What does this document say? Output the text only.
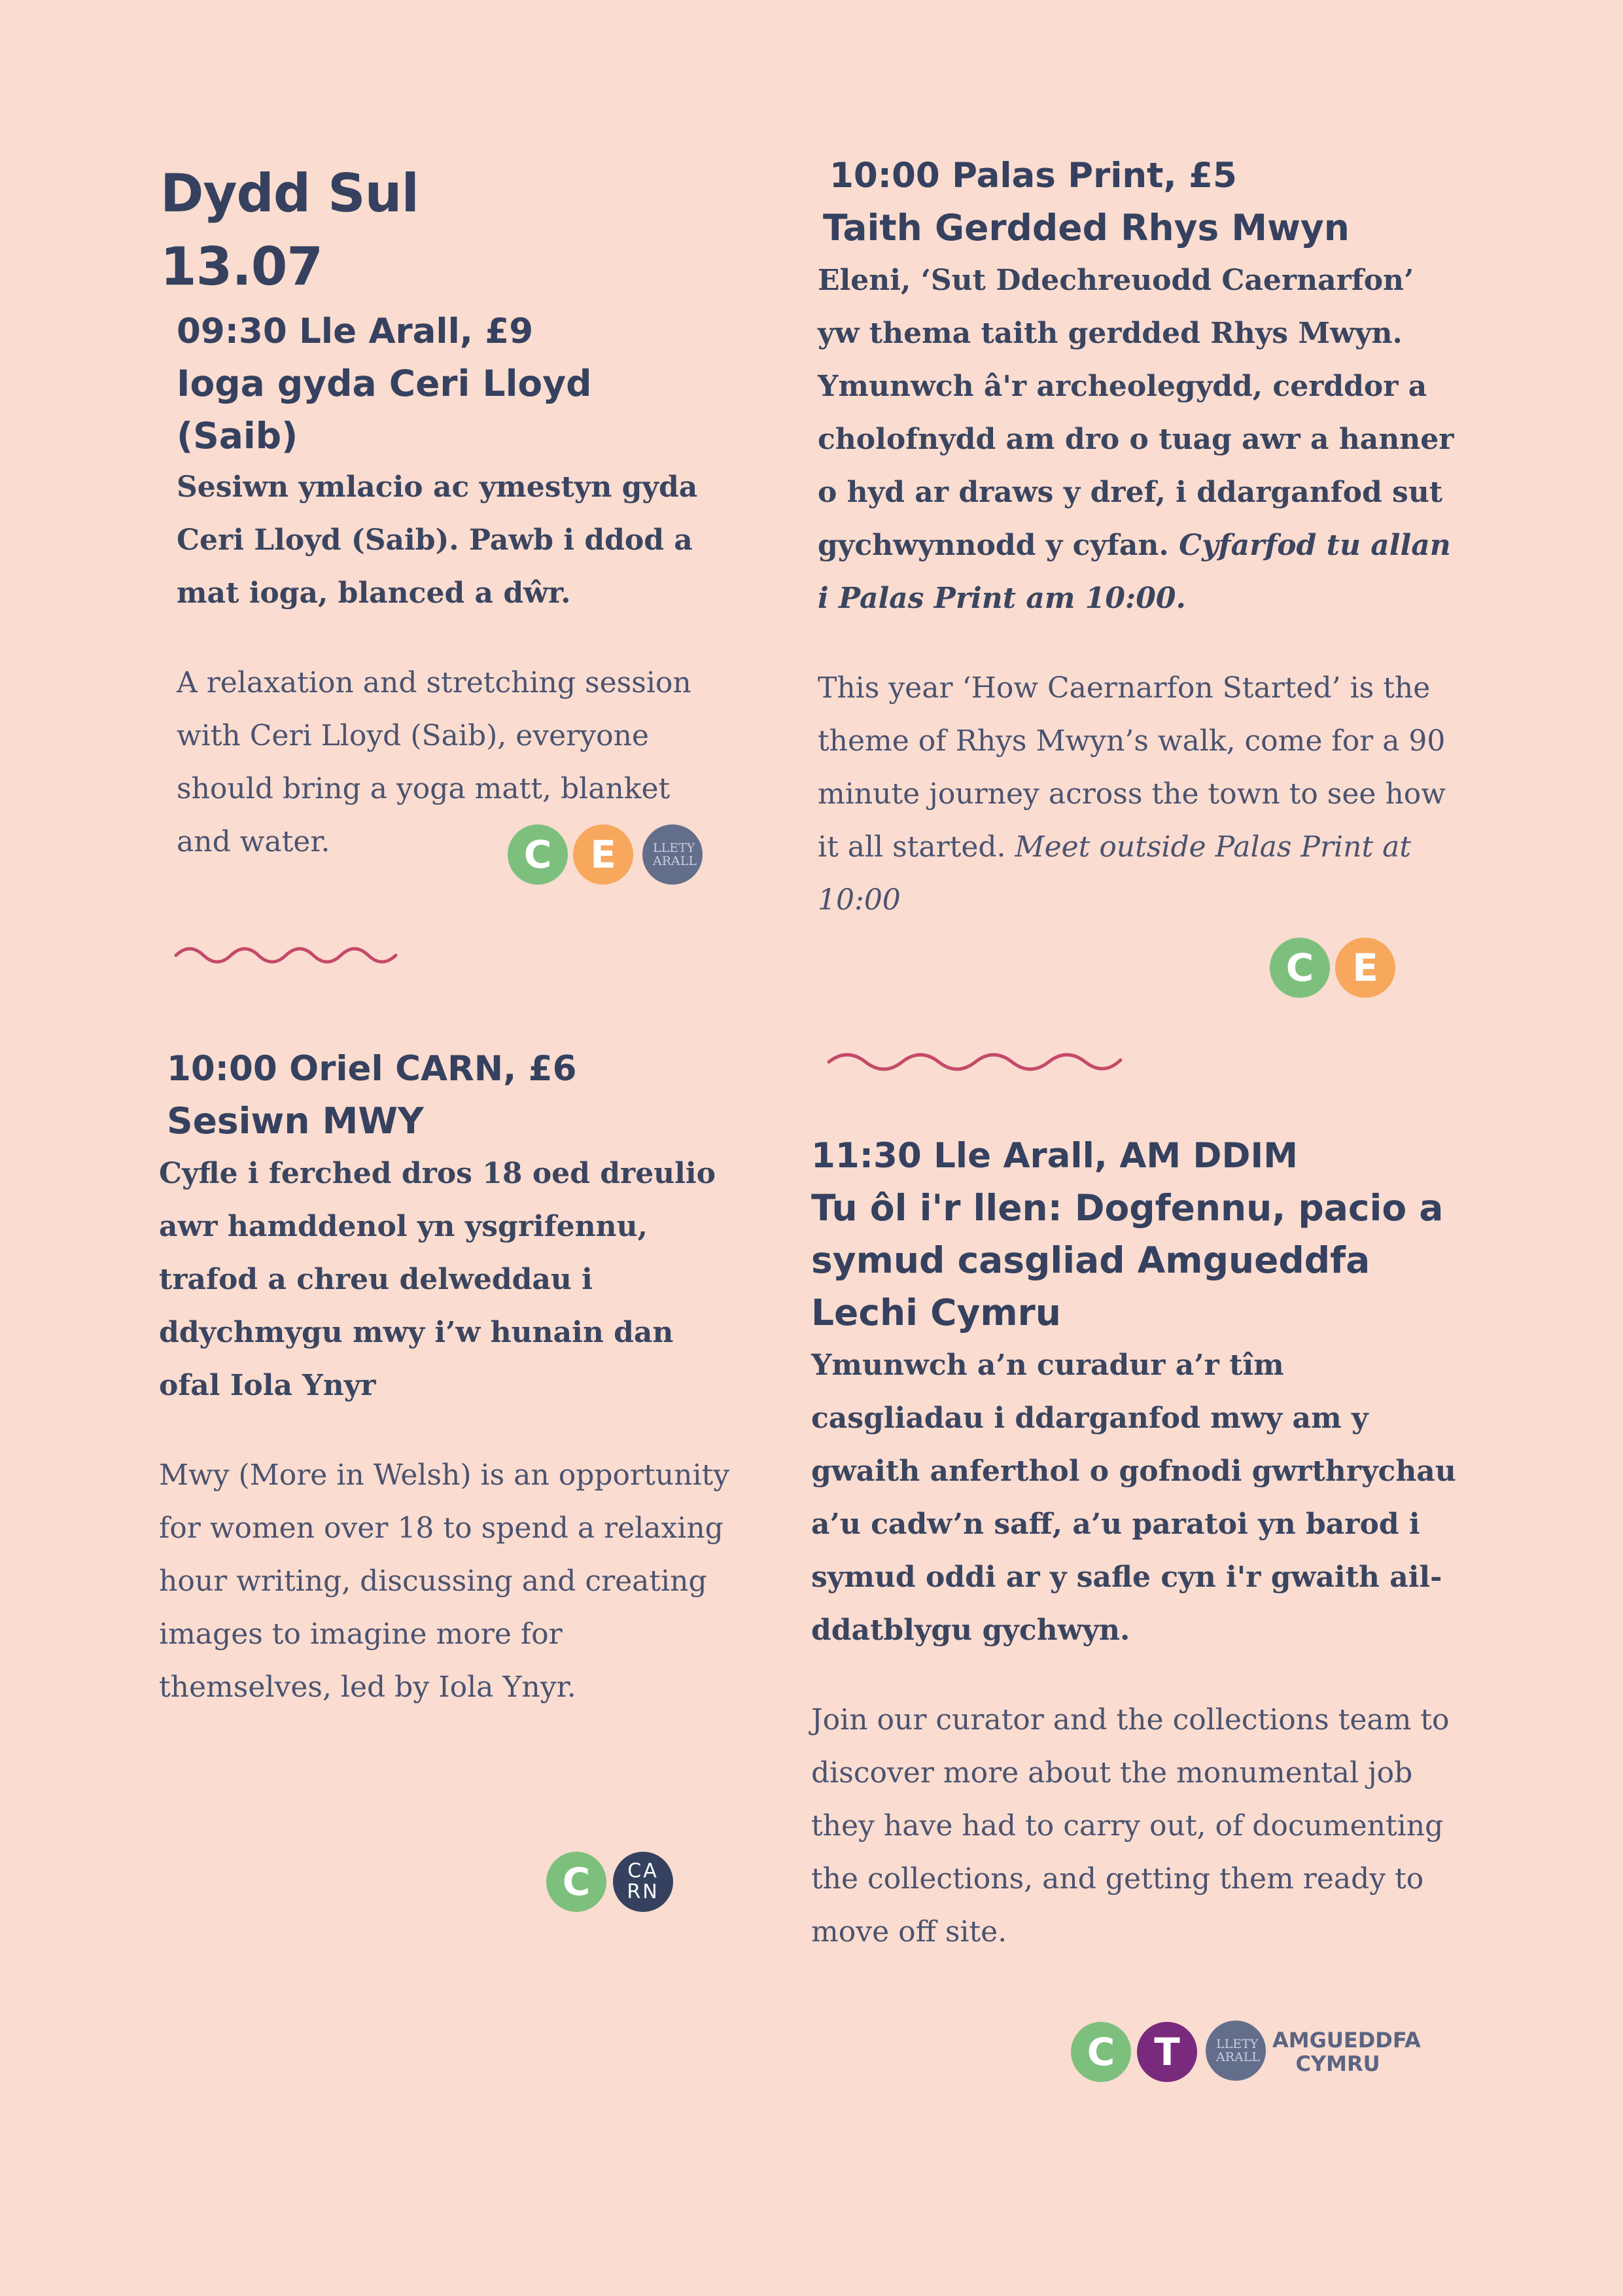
Dydd Sul
13.07
09:30 Lle Arall, £9
Ioga gyda Ceri Lloyd (Saib)
Sesiwn ymlacio ac ymestyn gyda Ceri Lloyd (Saib). Pawb i ddod a mat ioga, blanced a dŵr.
A relaxation and stretching session with Ceri Lloyd (Saib), everyone should bring a yoga matt, blanket and water.	C	E	LLETY ARALL
10:00 Palas Print, £5
Taith Gerdded Rhys Mwyn
Eleni, ‘Sut Ddechreuodd Caernarfon’ yw thema taith gerdded Rhys Mwyn. Ymunwch â'r archeolegydd, cerddor a cholofnydd am dro o tuag awr a hanner o hyd ar draws y dref, i ddarganfod sut gychwynnodd y cyfan. Cyfarfod tu allan i Palas Print am 10:00.
This year ‘How Caernarfon Started’ is the theme of Rhys Mwyn’s walk, come for a 90 minute journey across the town to see how it all started. Meet outside Palas Print at 10:00
C	E
10:00 Oriel CARN, £6
Sesiwn MWY
Cyfle i ferched dros 18 oed dreulio awr hamddenol yn ysgrifennu, trafod a chreu delweddau i ddychmygu mwy i’w hunain dan ofal Iola Ynyr
Mwy (More in Welsh) is an opportunity for women over 18 to spend a relaxing hour writing, discussing and creating images to imagine more for themselves, led by Iola Ynyr.
C	CA RN
11:30 Lle Arall, AM DDIM
Tu ôl i'r llen: Dogfennu, pacio a symud casgliad Amgueddfa Lechi Cymru
Ymunwch a’n curadur a’r tîm casgliadau i ddarganfod mwy am y gwaith anferthol o gofnodi gwrthrychau a’u cadw’n saff, a’u paratoi yn barod i symud oddi ar y safle cyn i'r gwaith ail-ddatblygu gychwyn.
Join our curator and the collections team to discover more about the monumental job they have had to carry out, of documenting the collections, and getting them ready to move off site.
C	T	LLETY ARALL
AMGUEDDFA CYMRU
